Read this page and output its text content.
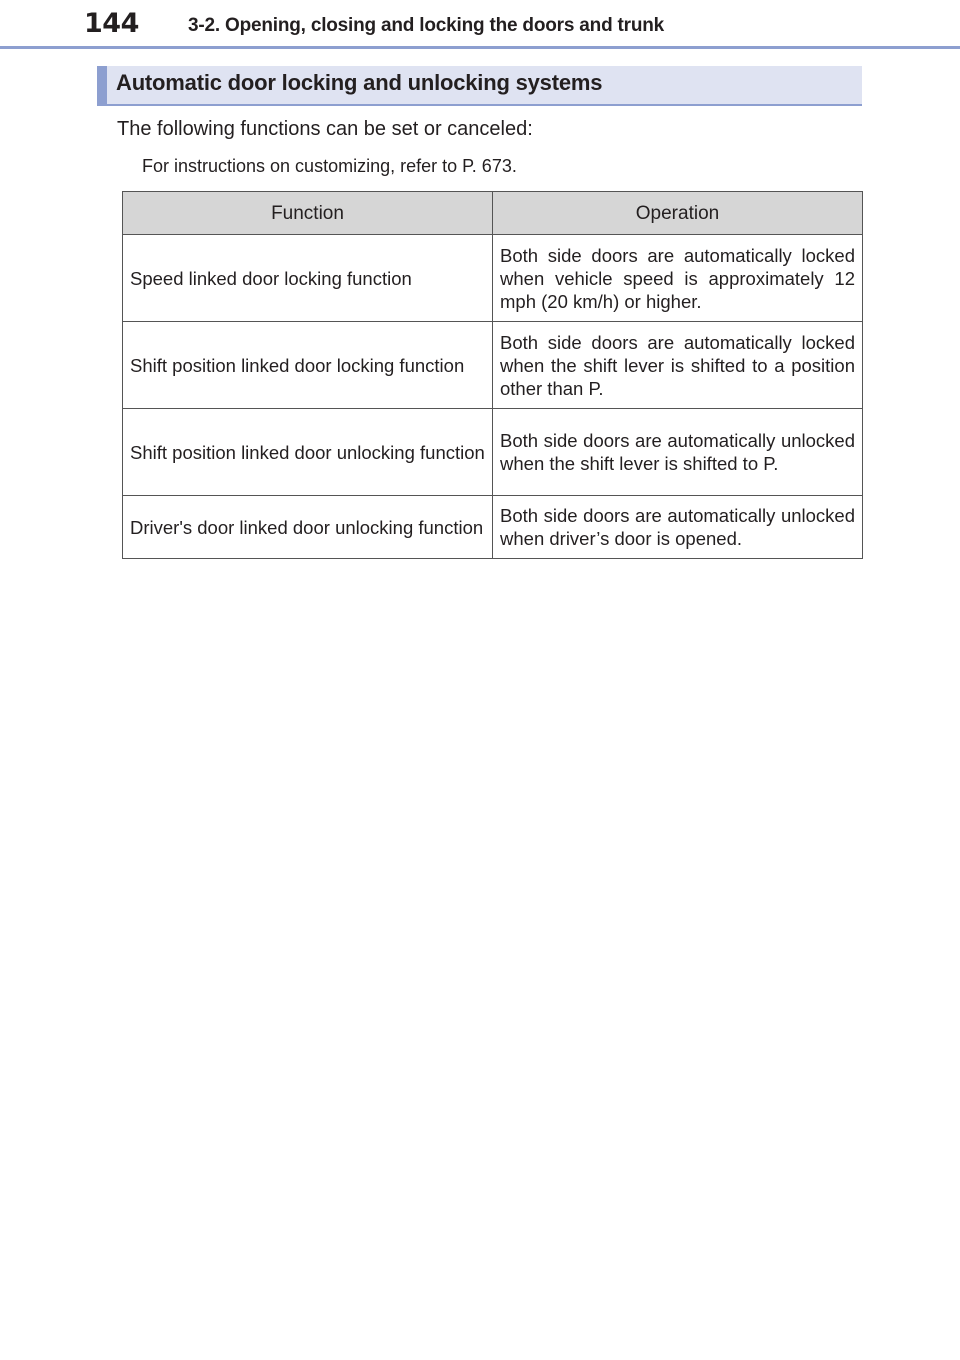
144	3-2. Opening, closing and locking the doors and trunk
Automatic door locking and unlocking systems
The following functions can be set or canceled:
For instructions on customizing, refer to P. 673.
Function	Operation
Speed linked door locking function	Both side doors are automatically locked when vehicle speed is approximately 12 mph (20 km/h) or higher.
Shift position linked door locking function	Both side doors are automatically locked when the shift lever is shifted to a position other than P.
Shift position linked door unlocking function	Both side doors are automatically unlocked when the shift lever is shifted to P.
Driver's door linked door unlocking function	Both side doors are automatically unlocked when driver’s door is opened.
